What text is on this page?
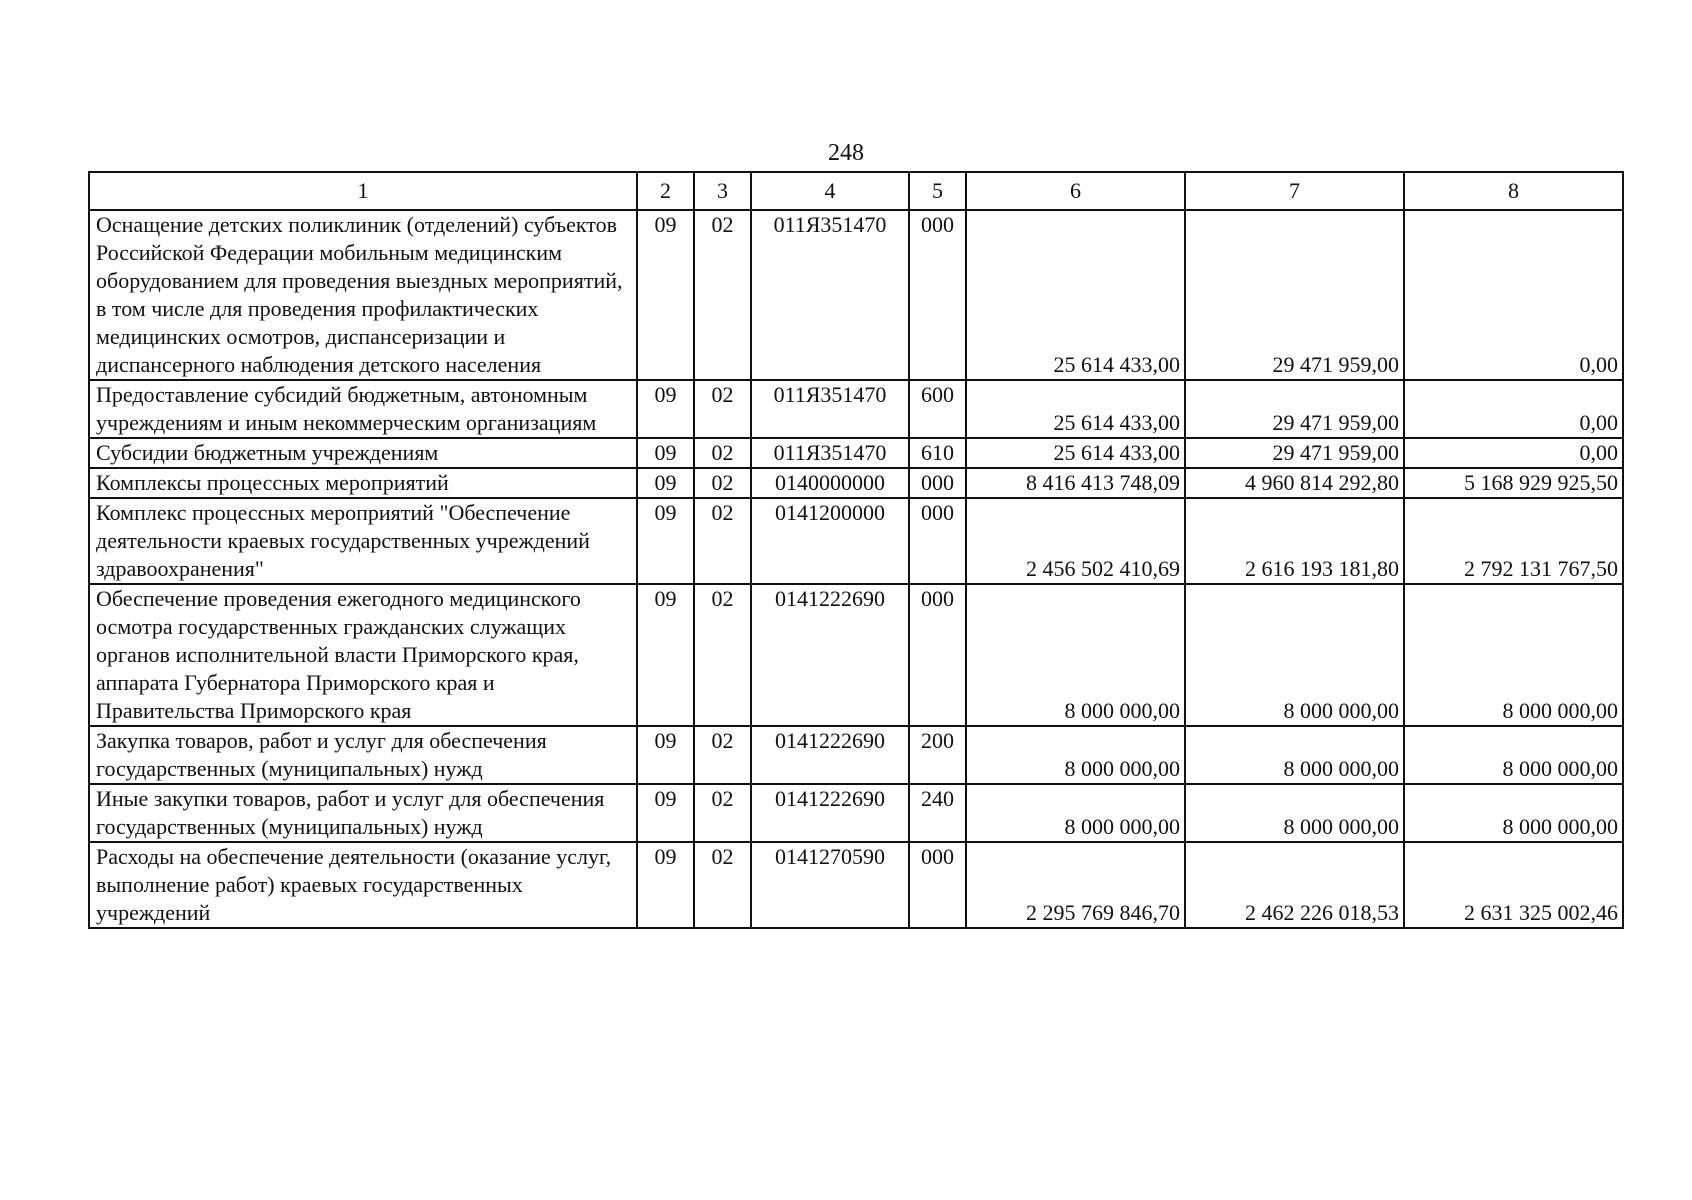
248
1	2	3	4	5	6	7	8
Оснащение детских поликлиник (отделений) субъектов Российской Федерации мобильным медицинским оборудованием для проведения выездных мероприятий, в том числе для проведения профилактических медицинских осмотров, диспансеризации и диспансерного наблюдения детского населения	09	02	011Я351470	000	25 614 433,00	29 471 959,00	0,00
Предоставление субсидий бюджетным, автономным учреждениям и иным некоммерческим организациям	09	02	011Я351470	600	25 614 433,00	29 471 959,00	0,00
Субсидии бюджетным учреждениям	09	02	011Я351470	610	25 614 433,00	29 471 959,00	0,00
Комплексы процессных мероприятий	09	02	0140000000	000	8 416 413 748,09	4 960 814 292,80	5 168 929 925,50
Комплекс процессных мероприятий "Обеспечение деятельности краевых государственных учреждений здравоохранения"	09	02	0141200000	000	2 456 502 410,69	2 616 193 181,80	2 792 131 767,50
Обеспечение проведения ежегодного медицинского осмотра государственных гражданских служащих органов исполнительной власти Приморского края, аппарата Губернатора Приморского края и Правительства Приморского края	09	02	0141222690	000	8 000 000,00	8 000 000,00	8 000 000,00
Закупка товаров, работ и услуг для обеспечения государственных (муниципальных) нужд	09	02	0141222690	200	8 000 000,00	8 000 000,00	8 000 000,00
Иные закупки товаров, работ и услуг для обеспечения государственных (муниципальных) нужд	09	02	0141222690	240	8 000 000,00	8 000 000,00	8 000 000,00
Расходы на обеспечение деятельности (оказание услуг, выполнение работ) краевых государственных учреждений	09	02	0141270590	000	2 295 769 846,70	2 462 226 018,53	2 631 325 002,46
